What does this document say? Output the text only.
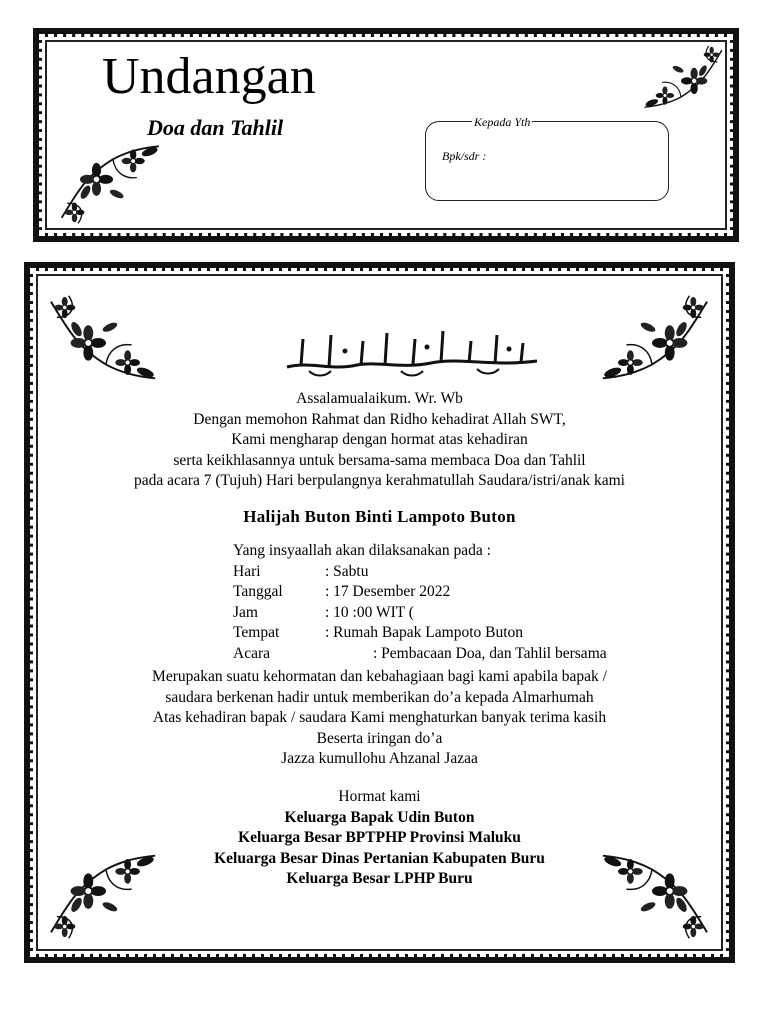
Undangan
Doa dan Tahlil	Kepada Yth
Bpk/sdr :
Assalamualaikum. Wr. Wb
Dengan memohon Rahmat dan Ridho kehadirat Allah SWT,
Kami mengharap dengan hormat atas kehadiran
serta keikhlasannya untuk bersama-sama membaca Doa dan Tahlil
pada acara 7 (Tujuh) Hari berpulangnya kerahmatullah Saudara/istri/anak kami
Halijah Buton Binti Lampoto Buton
Yang insyaallah akan dilaksanakan pada :
Hari	: Sabtu
Tanggal	: 17 Desember 2022
Jam	: 10 :00 WIT (
Tempat	: Rumah Bapak Lampoto Buton
Acara	: Pembacaan Doa, dan Tahlil bersama
Merupakan suatu kehormatan dan kebahagiaan bagi kami apabila bapak /
saudara berkenan hadir untuk memberikan do’a kepada Almarhumah
Atas kehadiran bapak / saudara Kami menghaturkan banyak terima kasih
Beserta iringan do’a
Jazza kumullohu Ahzanal Jazaa
Hormat kami
Keluarga Bapak Udin Buton
Keluarga Besar BPTPHP Provinsi Maluku
Keluarga Besar Dinas Pertanian Kabupaten Buru
Keluarga Besar LPHP Buru
